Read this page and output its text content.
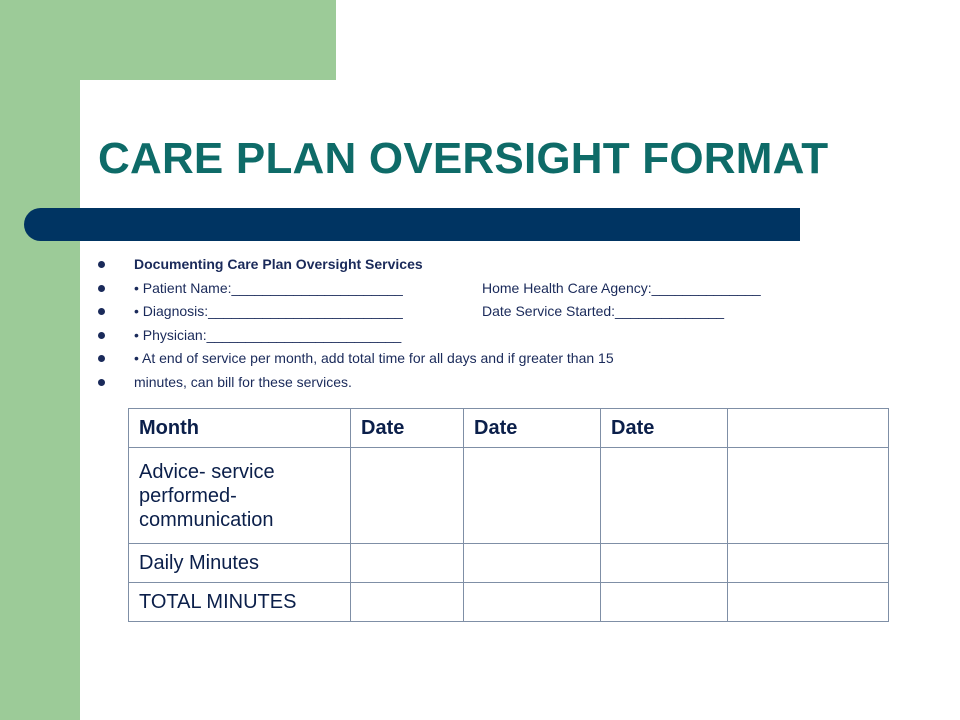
CARE PLAN OVERSIGHT FORMAT
Documenting Care Plan Oversight Services
• Patient Name:______________________	Home Health Care Agency:______________
• Diagnosis:_________________________	Date Service Started:______________
• Physician:_________________________
• At end of service per month, add total time for all days and if greater than 15
minutes, can bill for these services.
Month	Date	Date	Date	
Advice- service performed- communication				
Daily Minutes				
TOTAL MINUTES				
